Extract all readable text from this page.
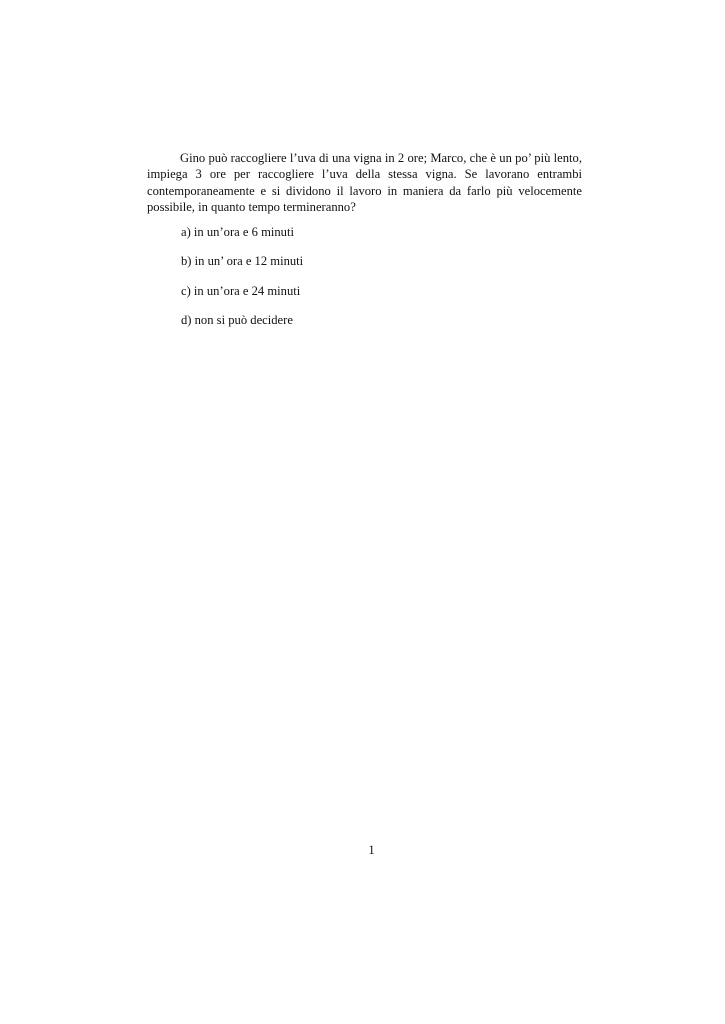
Gino può raccogliere l’uva di una vigna in 2 ore; Marco, che è un po’ più lento, impiega 3 ore per raccogliere l’uva della stessa vigna. Se lavorano entrambi contemporaneamente e si dividono il lavoro in maniera da farlo più velocemente possibile, in quanto tempo termineranno?

a) in un’ora e 6 minuti
b) in un’ ora e 12 minuti
c) in un’ora e 24 minuti
d) non si può decidere
1
